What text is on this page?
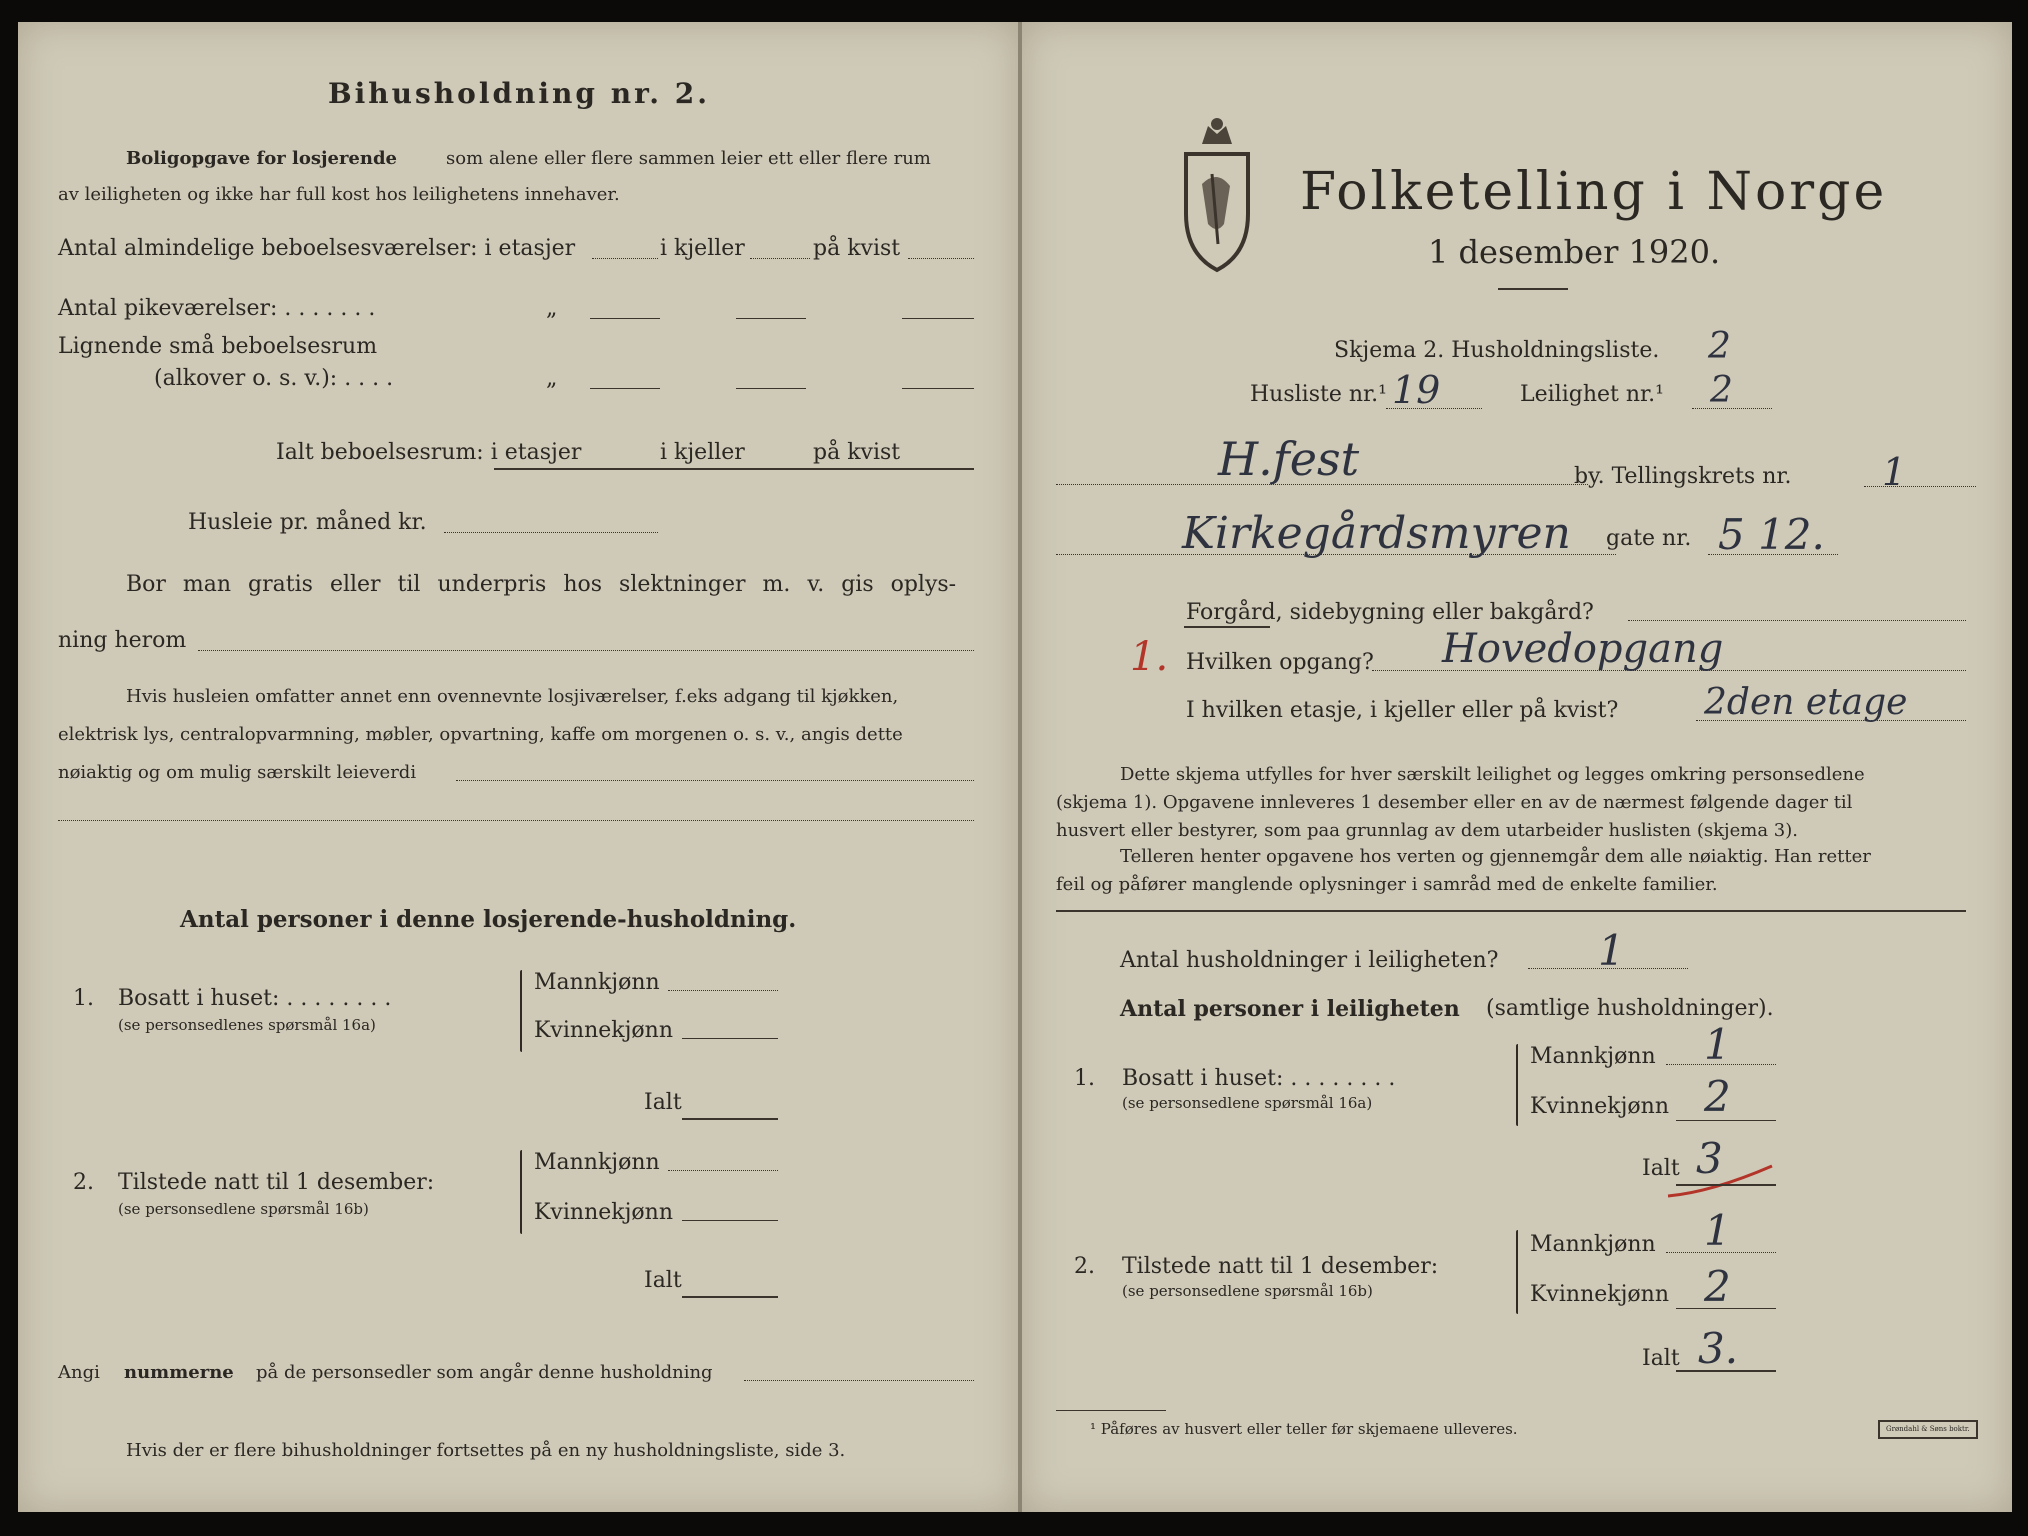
Bihusholdning nr. 2.
Boligopgave for losjerende	som alene eller flere sammen leier ett eller flere rum
av leiligheten og ikke har full kost hos leilighetens innehaver.
Antal almindelige beboelsesværelser: i etasjer	i kjeller	på kvist
Antal pikeværelser: . . . . . . .	„
Lignende små beboelsesrum
(alkover o. s. v.): . . . .	„
Ialt beboelsesrum: i etasjer	i kjeller	på kvist
Husleie pr. måned kr.
Bor man gratis eller til underpris hos slektninger m. v. gis oplys-
ning herom
Hvis husleien omfatter annet enn ovennevnte losjiværelser, f.eks adgang til kjøkken,
elektrisk lys, centralopvarmning, møbler, opvartning, kaffe om morgenen o. s. v., angis dette
nøiaktig og om mulig særskilt leieverdi
Antal personer i denne losjerende-husholdning.
1. Bosatt i huset: . . . . . . . .
(se personsedlenes spørsmål 16a)
Mannkjønn
Kvinnekjønn
Ialt
2. Tilstede natt til 1 desember:
(se personsedlene spørsmål 16b)
Mannkjønn
Kvinnekjønn
Ialt
Angi nummerne på de personsedler som angår denne husholdning
Hvis der er flere bihusholdninger fortsettes på en ny husholdningsliste, side 3.
Folketelling i Norge
1 desember 1920.
Skjema 2. Husholdningsliste. 2
Husliste nr.¹ 19	Leilighet nr.¹ 2
H.fest	by. Tellingskrets nr. 1
Kirkegårdsmyren gate nr. 5 12.
Forgård, sidebygning eller bakgård?
1. Hvilken opgang? Hovedopgang
I hvilken etasje, i kjeller eller på kvist? 2den etage
Dette skjema utfylles for hver særskilt leilighet og legges omkring personsedlene
(skjema 1). Opgavene innleveres 1 desember eller en av de nærmest følgende dager til
husvert eller bestyrer, som paa grunnlag av dem utarbeider huslisten (skjema 3).
Telleren henter opgavene hos verten og gjennemgår dem alle nøiaktig. Han retter
feil og påfører manglende oplysninger i samråd med de enkelte familier.
Antal husholdninger i leiligheten? 1
Antal personer i leiligheten (samtlige husholdninger).
1. Bosatt i huset: . . . . . . . .
(se personsedlene spørsmål 16a)
Mannkjønn 1
Kvinnekjønn 2
Ialt 3
2. Tilstede natt til 1 desember:
(se personsedlene spørsmål 16b)
Mannkjønn 1
Kvinnekjønn 2
Ialt 3.
¹ Påføres av husvert eller teller før skjemaene ulleveres.	Grøndahl & Søns boktr.
